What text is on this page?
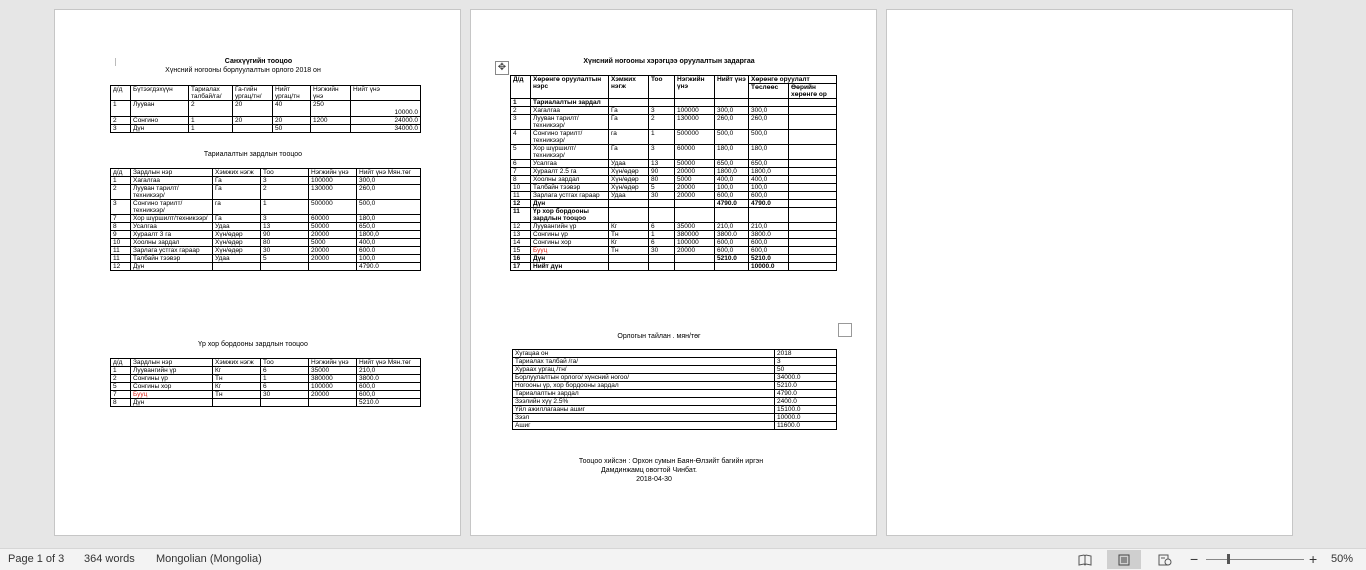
Санхүүгийн тооцоо
Хүнсний ногооны борлуулалтын орлого 2018 он
д/д	Бүтээгдэхүүн	Тариалах талбай/га/	Га-гийн ургац/тн/	Нийт ургац/тн	Нэгжийн үнэ	Нийт үнэ
1	Луувaн	2	20	40	250	10000.0
2	Сонгино	1	20	20	1200	24000.0
3	Дүн	1		50		34000.0
Тариалалтын зардлын тооцоо
д/д	Зардлын нэр	Хэмжих нэгж	Тоо	Нэгжийн үнэ	Нийт үнэ Мян.төг
1	Хагалгаа	Га	3	100000	300,0
2	Луувaн тарилт/техникээр/	Га	2	130000	260,0
3	Сонгино тарилт/техникээр/	га	1	500000	500,0
7	Хор шүршилт/техникээр/	Га	3	60000	180,0
8	Усалгаа	Удаа	13	50000	650,0
9	Хураалт 3 га	Хүн/өдөр	90	20000	1800,0
10	Хоолны зардал	Хүн/өдөр	80	5000	400,0
11	Зарлага устгах гараар	Хүн/өдөр	30	20000	600.0
11	Талбайн тээвэр	Удаа	5	20000	100,0
12	Дүн				4790.0
Үр хор бордооны зардлын тооцоо
д/д	Зардлын нэр	Хэмжих нэгж	Тоо	Нэгжийн үнэ	Нийт үнэ Мян.төг
1	Луувaнгийн үр	Кг	6	35000	210,0
2	Сонгины үр	Тн	1	380000	3800.0
5	Сонгины хор	Кг	6	100000	600,0
7	Бууц	Тн	30	20000	600,0
8	Дүн				5210.0
✥
Хүнсний ногооны хэрэгцээ оруулалтын задаргаа
Д/д	Хөрөнгө оруулалтын нэрс	Хэмжих нэгж	Тоо	Нэгжийн үнэ	Нийт үнэ	Хөрөнгө оруулалт	
						Төслөөс	Өөрийн хөрөнгө ор
1	Тариалалтын зардал						
2	Хагалгаа	Га	3	100000	300,0	300,0	
3	Луувaн тарилт/техникээр/	Га	2	130000	260,0	260,0	
4	Сонгино тарилт/техникээр/	га	1	500000	500,0	500,0	
5	Хор шүршилт/техникээр/	Га	3	60000	180,0	180,0	
6	Усалгаа	Удаа	13	50000	650,0	650,0	
7	Хураалт 2.5 га	Хүн/өдөр	90	20000	1800,0	1800,0	
8	Хоолны зардал	Хүн/өдөр	80	5000	400,0	400,0	
10	Талбайн тээвэр	Хүн/өдөр	5	20000	100,0	100,0	
11	Зарлага устгах гараар	Удаа	30	20000	600,0	600,0	
12	Дүн				4790.0	4790.0	
11	Үр хор бордооны зардлын тооцоо						
12	Луувaнгийн үр	Кг	6	35000	210,0	210,0	
13	Сонгины үр	Тн	1	380000	3800.0	3800.0	
14	Сонгины хор	Кг	6	100000	600,0	600,0	
15	Бууц	Тн	30	20000	600,0	600,0	
16	Дүн				5210.0	5210.0	
17	Нийт дүн					10000.0	
Орлогын тайлан . мян/төг
Хугацаа он	2018
Тариалах талбай /га/	3
Хураах ургац /тн/	50
Борлуулалтын орлого/ хүнсний ногоо/	34000.0
Ногооны үр, хор бордооны зардал	5210.0
Тариалалтын зардал	4790.0
Зээлийн хүү 2.5%	2400.0
Үйл ажиллагааны ашиг	15100.0
Зээл	10000.0
Ашиг	11600.0
Тооцоо хийсэн : Орхон сумын Баян-Өлзийт багийн иргэн
Дамдинжамц овогтой Чинбат.
2018-04-30
Page 1 of 3 364 words Mongolian (Mongolia)	−	+ 50%
